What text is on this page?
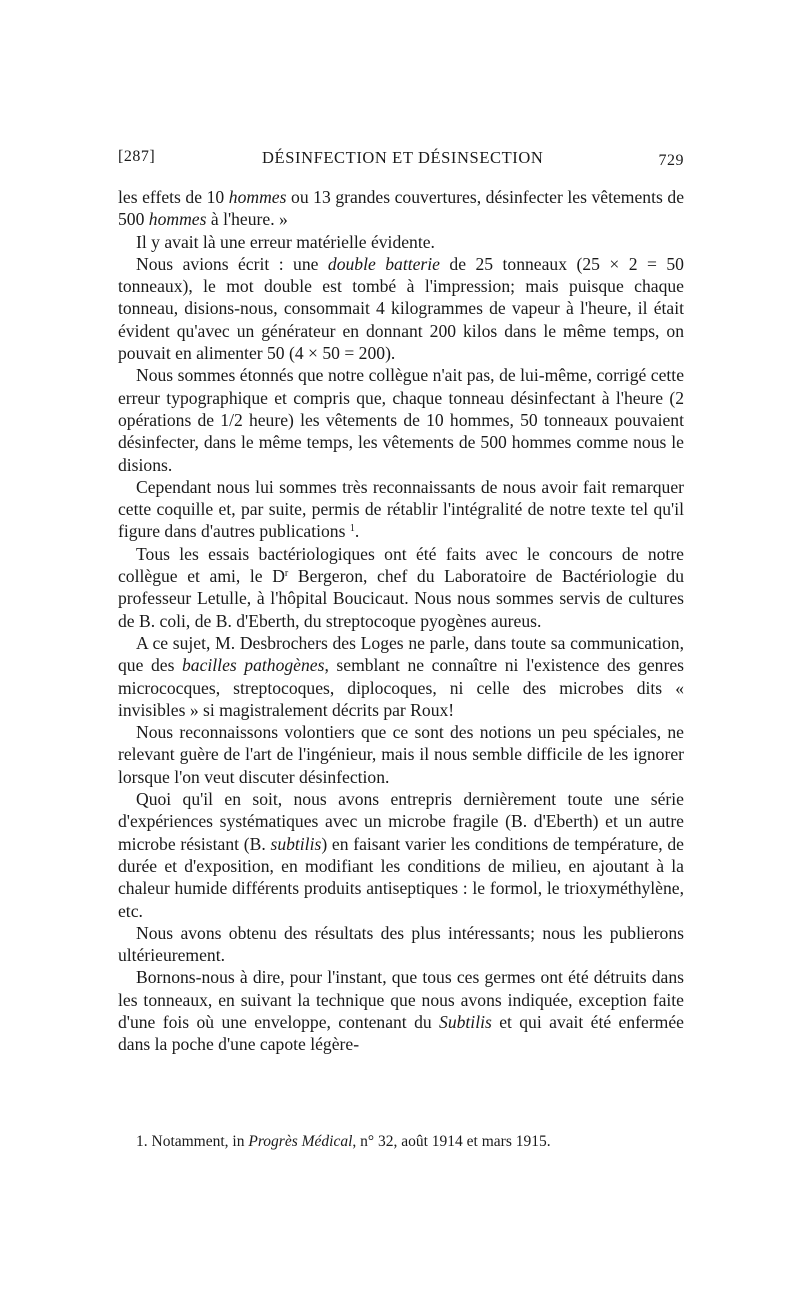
[287]	DÉSINFECTION ET DÉSINSECTION	729

les effets de 10 hommes ou 13 grandes couvertures, désinfecter les vêtements de 500 hommes à l'heure. »

Il y avait là une erreur matérielle évidente.

Nous avions écrit : une double batterie de 25 tonneaux (25 × 2 = 50 tonneaux), le mot double est tombé à l'impression; mais puisque chaque tonneau, disions-nous, consommait 4 kilogrammes de vapeur à l'heure, il était évident qu'avec un générateur en donnant 200 kilos dans le même temps, on pouvait en alimenter 50 (4 × 50 = 200).

Nous sommes étonnés que notre collègue n'ait pas, de lui-même, corrigé cette erreur typographique et compris que, chaque tonneau désinfectant à l'heure (2 opérations de 1/2 heure) les vêtements de 10 hommes, 50 tonneaux pouvaient désinfecter, dans le même temps, les vêtements de 500 hommes comme nous le disions.

Cependant nous lui sommes très reconnaissants de nous avoir fait remarquer cette coquille et, par suite, permis de rétablir l'intégralité de notre texte tel qu'il figure dans d'autres publications $^1$.

Tous les essais bactériologiques ont été faits avec le concours de notre collègue et ami, le $D^r$ Bergeron, chef du Laboratoire de Bactériologie du professeur Letulle, à l'hôpital Boucicaut. Nous nous sommes servis de cultures de B. coli, de B. d'Eberth, du streptocoque pyogènes aureus.

A ce sujet, M. Desbrochers des Loges ne parle, dans toute sa communication, que des bacilles pathogènes, semblant ne connaître ni l'existence des genres micrococques, streptocoques, diplocoques, ni celle des microbes dits « invisibles » si magistralement décrits par Roux!

Nous reconnaissons volontiers que ce sont des notions un peu spéciales, ne relevant guère de l'art de l'ingénieur, mais il nous semble difficile de les ignorer lorsque l'on veut discuter désinfection.

Quoi qu'il en soit, nous avons entrepris dernièrement toute une série d'expériences systématiques avec un microbe fragile (B. d'Eberth) et un autre microbe résistant (B. subtilis) en faisant varier les conditions de température, de durée et d'exposition, en modifiant les conditions de milieu, en ajoutant à la chaleur humide différents produits antiseptiques : le formol, le trioxyméthylène, etc.

Nous avons obtenu des résultats des plus intéressants; nous les publierons ultérieurement.

Bornons-nous à dire, pour l'instant, que tous ces germes ont été détruits dans les tonneaux, en suivant la technique que nous avons indiquée, exception faite d'une fois où une enveloppe, contenant du Subtilis et qui avait été enfermée dans la poche d'une capote légère-

1. Notamment, in Progrès Médical, n° 32, août 1914 et mars 1915.
